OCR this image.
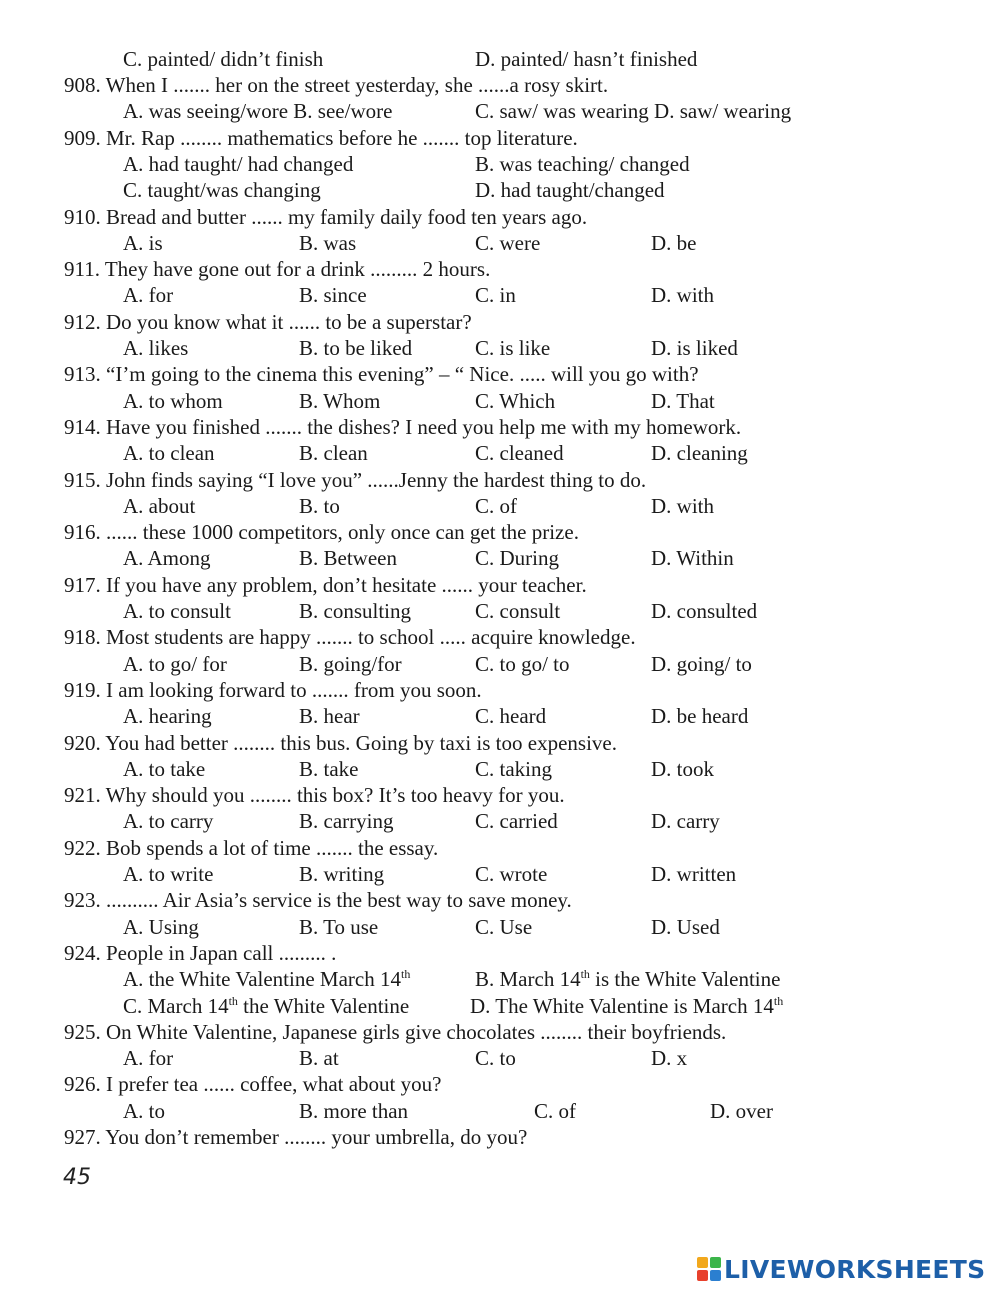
C. painted/ didn’t finish	D. painted/ hasn’t finished
908. When I ....... her on the street yesterday, she ......a rosy skirt.
A. was seeing/wore B. see/wore	C. saw/ was wearing D. saw/ wearing
909. Mr. Rap ........ mathematics before he ....... top literature.
A. had taught/ had changed	B. was teaching/ changed
C. taught/was changing	D. had taught/changed
910. Bread and butter ...... my family daily food ten years ago.
A. is	B. was	C. were	D. be
911. They have gone out for a drink ......... 2 hours.
A. for	B. since	C. in	D. with
912. Do you know what it ...... to be a superstar?
A. likes	B. to be liked	C. is like	D. is liked
913. “I’m going to the cinema this evening” – “ Nice. ..... will you go with?
A. to whom	B. Whom	C. Which	D. That
914. Have you finished ....... the dishes? I need you help me with my homework.
A. to clean	B. clean	C. cleaned	D. cleaning
915. John finds saying “I love you” ......Jenny the hardest thing to do.
A. about	B. to	C. of	D. with
916. ...... these 1000 competitors, only once can get the prize.
A. Among	B. Between	C. During	D. Within
917. If you have any problem, don’t hesitate ...... your teacher.
A. to consult	B. consulting	C. consult	D. consulted
918. Most students are happy ....... to school ..... acquire knowledge.
A. to go/ for	B. going/for	C. to go/ to	D. going/ to
919. I am looking forward to ....... from you soon.
A. hearing	B. hear	C. heard	D. be heard
920. You had better ........ this bus. Going by taxi is too expensive.
A. to take	B. take	C. taking	D. took
921. Why should you ........ this box? It’s too heavy for you.
A. to carry	B. carrying	C. carried	D. carry
922. Bob spends a lot of time ....... the essay.
A. to write	B. writing	C. wrote	D. written
923. .......... Air Asia’s service is the best way to save money.
A. Using	B. To use	C. Use	D. Used
924. People in Japan call ......... .
A. the White Valentine March 14th	B. March 14th is the White Valentine
C. March 14th the White Valentine	D. The White Valentine is March 14th
925. On White Valentine, Japanese girls give chocolates ........ their boyfriends.
A. for	B. at	C. to	D. x
926. I prefer tea ...... coffee, what about you?
A. to	B. more than	C. of	D. over
927. You don’t remember ........ your umbrella, do you?
45
LIVEWORKSHEETS
